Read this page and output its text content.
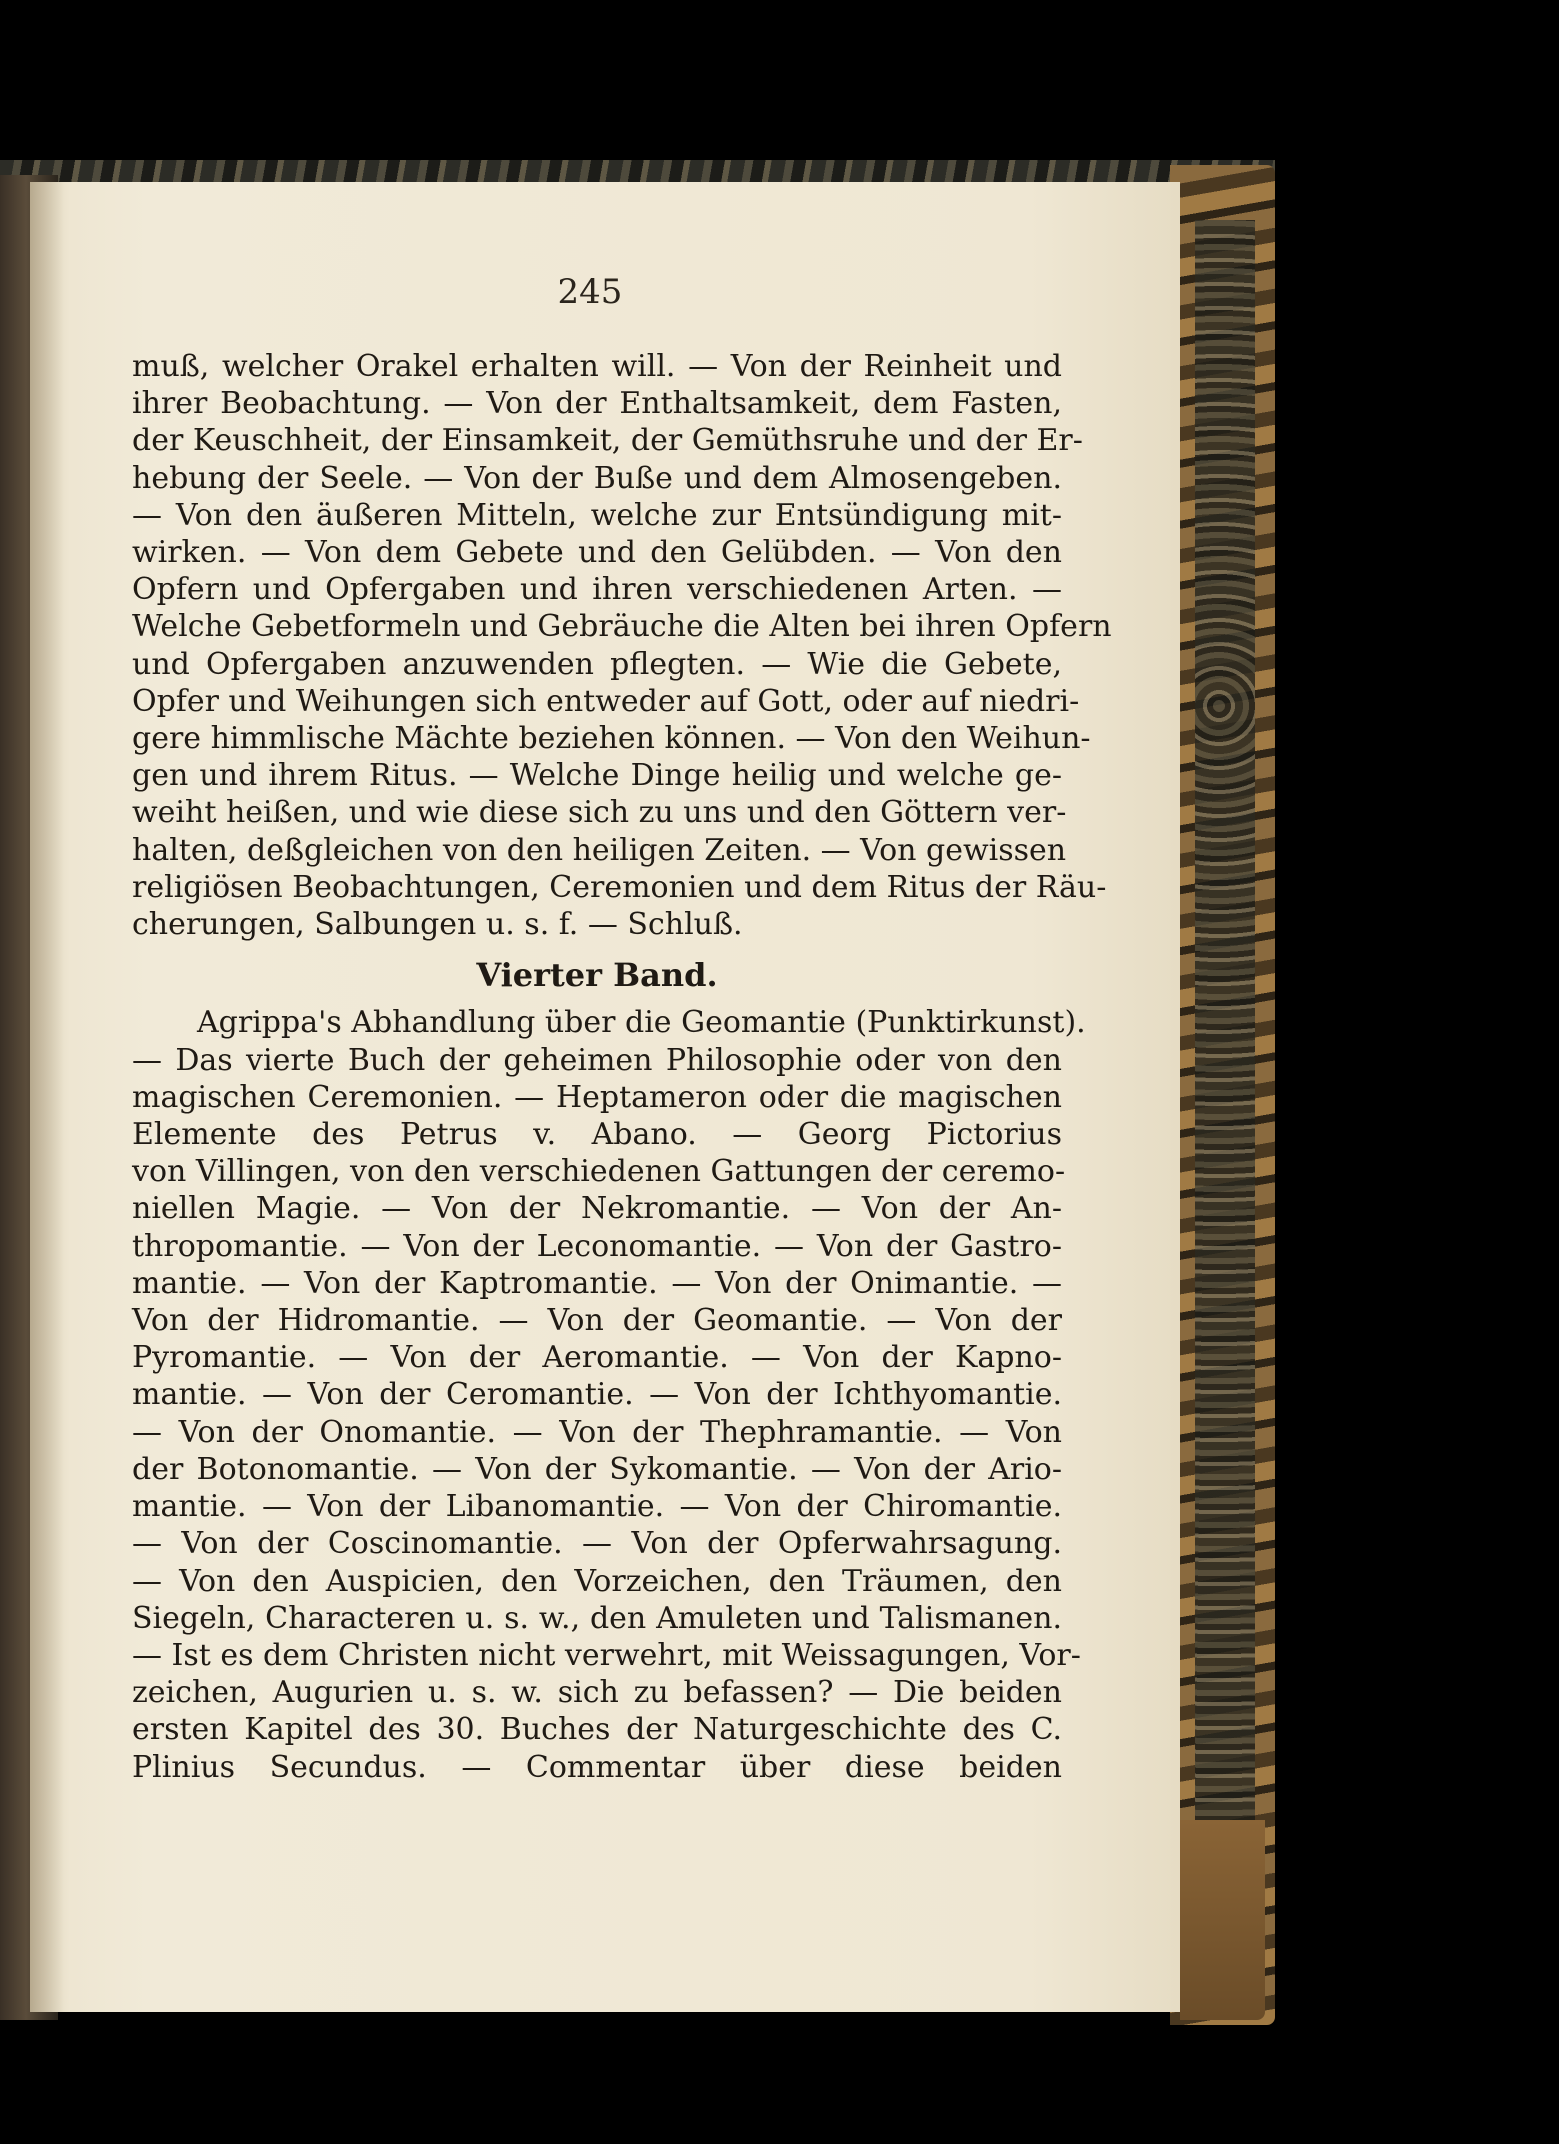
245
muß, welcher Orakel erhalten will. — Von der Reinheit und
ihrer Beobachtung. — Von der Enthaltsamkeit, dem Fasten,
der Keuschheit, der Einsamkeit, der Gemüthsruhe und der Er-
hebung der Seele. — Von der Buße und dem Almosengeben.
— Von den äußeren Mitteln, welche zur Entsündigung mit-
wirken. — Von dem Gebete und den Gelübden. — Von den
Opfern und Opfergaben und ihren verschiedenen Arten. —
Welche Gebetformeln und Gebräuche die Alten bei ihren Opfern
und Opfergaben anzuwenden pflegten. — Wie die Gebete,
Opfer und Weihungen sich entweder auf Gott, oder auf niedri-
gere himmlische Mächte beziehen können. — Von den Weihun-
gen und ihrem Ritus. — Welche Dinge heilig und welche ge-
weiht heißen, und wie diese sich zu uns und den Göttern ver-
halten, deßgleichen von den heiligen Zeiten. — Von gewissen
religiösen Beobachtungen, Ceremonien und dem Ritus der Räu-
cherungen, Salbungen u. s. f. — Schluß.
Vierter Band.
Agrippa's Abhandlung über die Geomantie (Punktirkunst).
— Das vierte Buch der geheimen Philosophie oder von den
magischen Ceremonien. — Heptameron oder die magischen
Elemente des Petrus v. Abano. — Georg Pictorius
von Villingen, von den verschiedenen Gattungen der ceremo-
niellen Magie. — Von der Nekromantie. — Von der An-
thropomantie. — Von der Leconomantie. — Von der Gastro-
mantie. — Von der Kaptromantie. — Von der Onimantie. —
Von der Hidromantie. — Von der Geomantie. — Von der
Pyromantie. — Von der Aeromantie. — Von der Kapno-
mantie. — Von der Ceromantie. — Von der Ichthyomantie.
— Von der Onomantie. — Von der Thephramantie. — Von
der Botonomantie. — Von der Sykomantie. — Von der Ario-
mantie. — Von der Libanomantie. — Von der Chiromantie.
— Von der Coscinomantie. — Von der Opferwahrsagung.
— Von den Auspicien, den Vorzeichen, den Träumen, den
Siegeln, Characteren u. s. w., den Amuleten und Talismanen.
— Ist es dem Christen nicht verwehrt, mit Weissagungen, Vor-
zeichen, Augurien u. s. w. sich zu befassen? — Die beiden
ersten Kapitel des 30. Buches der Naturgeschichte des C.
Plinius Secundus. — Commentar über diese beiden
